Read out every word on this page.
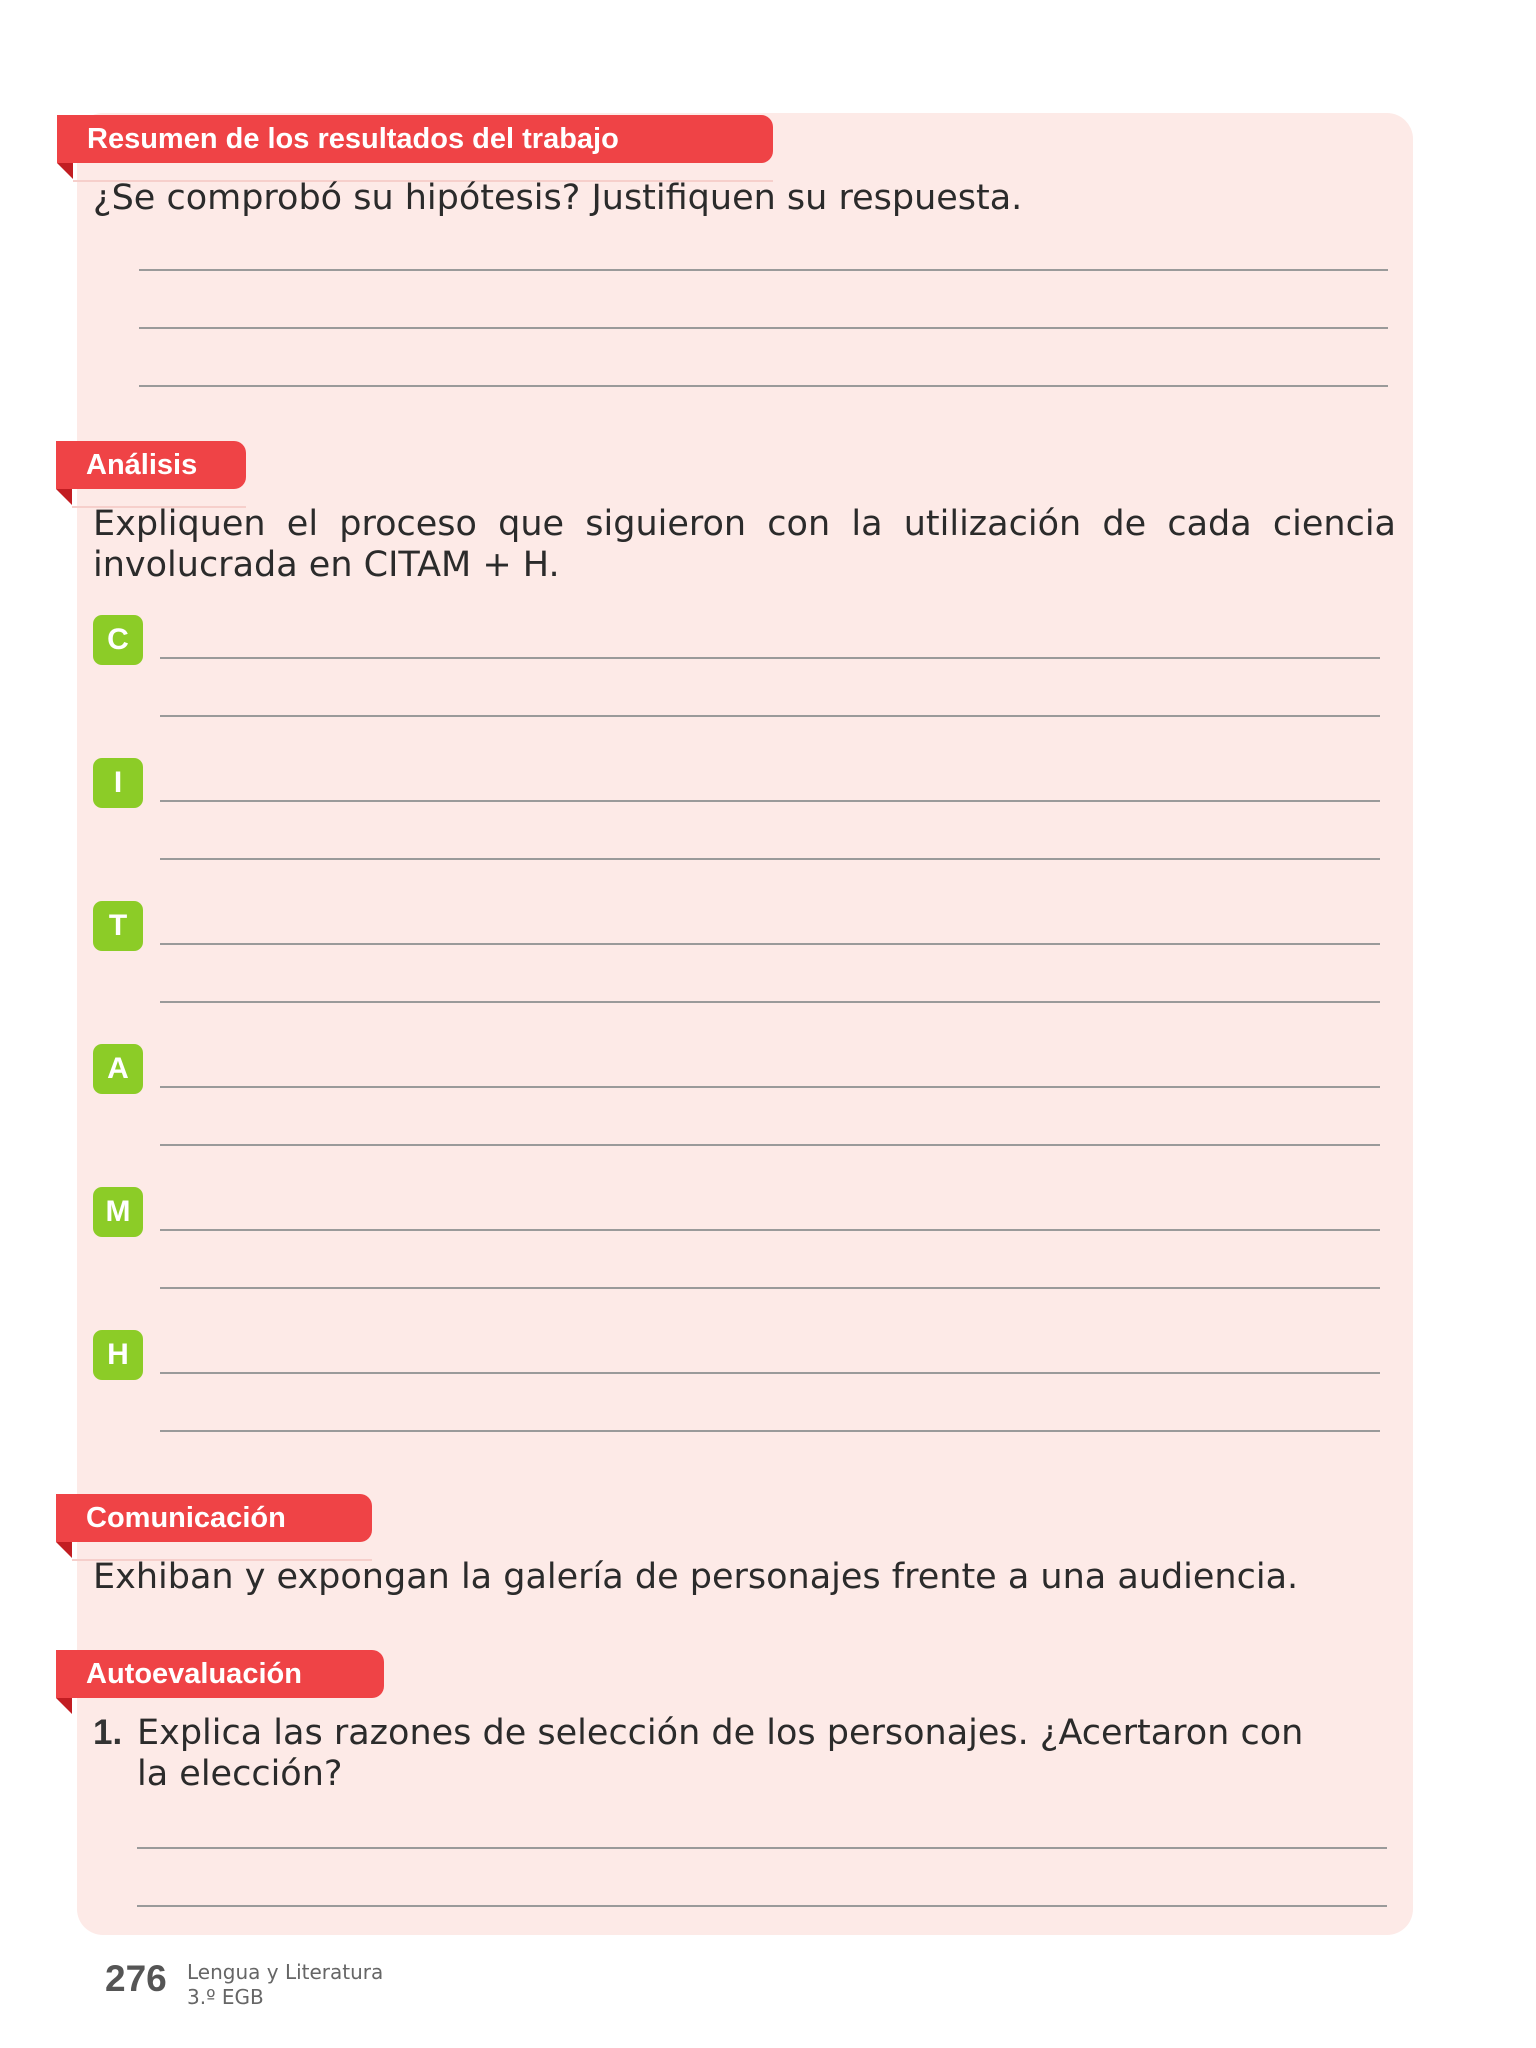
Resumen de los resultados del trabajo
¿Se comprobó su hipótesis? Justifiquen su respuesta.
Análisis
Expliquen el proceso que siguieron con la utilización de cada ciencia
involucrada en CITAM + H.
C
I
T
A
M
H
Comunicación
Exhiban y expongan la galería de personajes frente a una audiencia.
Autoevaluación
1. Explica las razones de selección de los personajes. ¿Acertaron con la elección?
276 Lengua y Literatura
3.º EGB
